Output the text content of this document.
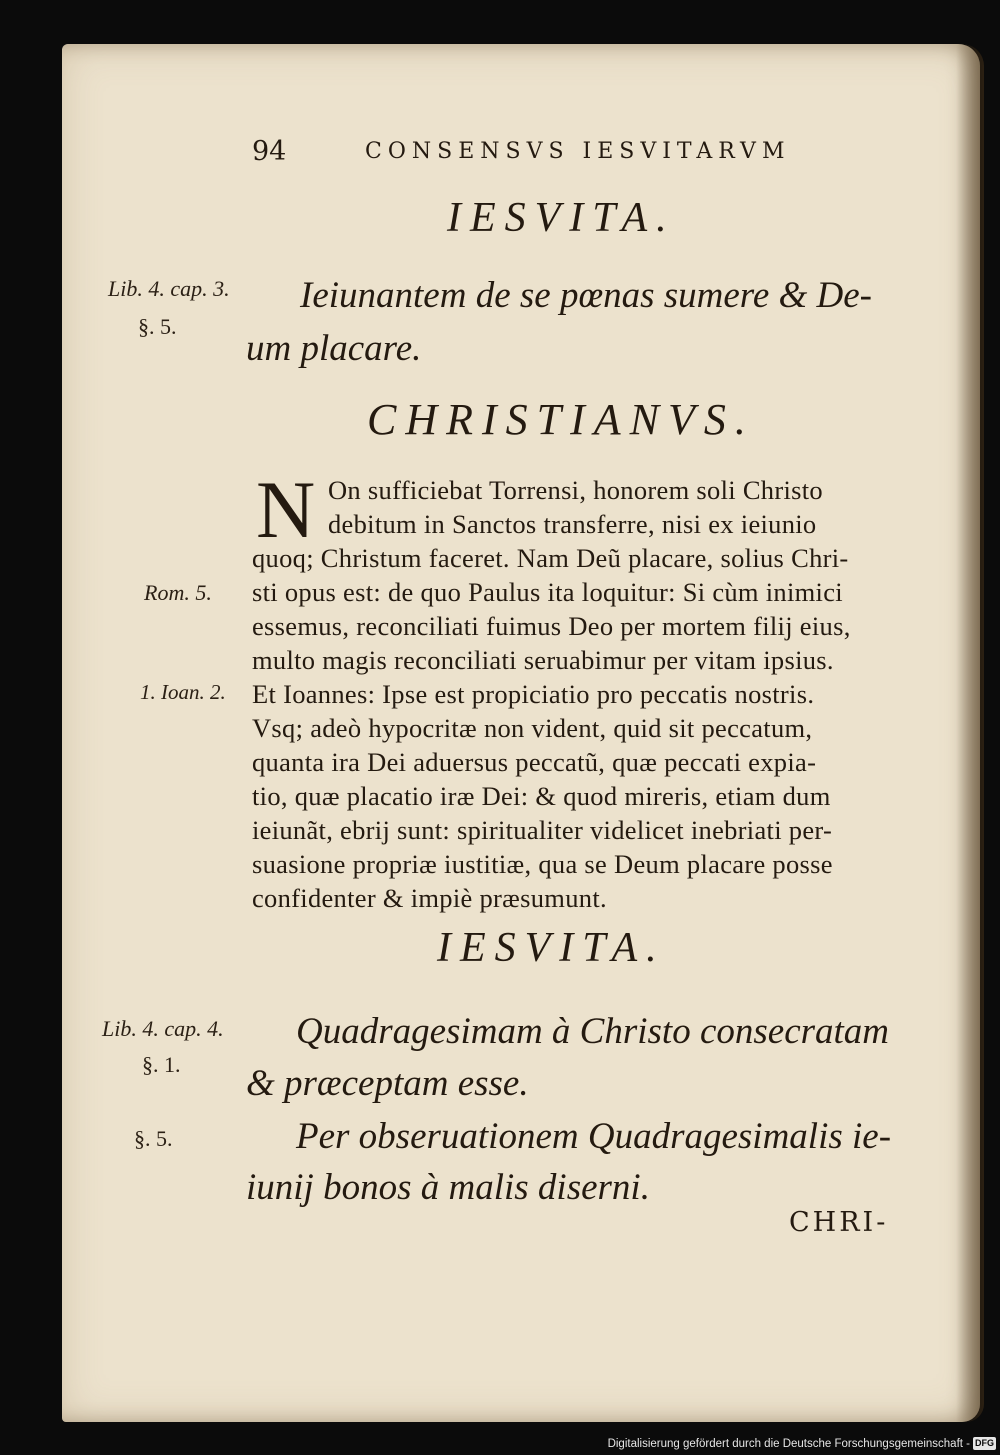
94	CONSENSVS IESVITARVM
IESVITA.
Lib. 4. cap. 3.
§. 5.
Ieiunantem de se pœnas sumere & De-
um placare.
CHRISTIANVS.
N On sufficiebat Torrensi, honorem soli Christo
debitum in Sanctos transferre, nisi ex ieiunio
quoq; Christum faceret. Nam Deũ placare, solius Chri-
sti opus est: de quo Paulus ita loquitur: Si cùm inimici
essemus, reconciliati fuimus Deo per mortem filij eius,
multo magis reconciliati seruabimur per vitam ipsius.
Et Ioannes: Ipse est propiciatio pro peccatis nostris.
Vsq; adeò hypocritæ non vident, quid sit peccatum,
quanta ira Dei aduersus peccatũ, quæ peccati expia-
tio, quæ placatio iræ Dei: & quod mireris, etiam dum
ieiunãt, ebrij sunt: spiritualiter videlicet inebriati per-
suasione propriæ iustitiæ, qua se Deum placare posse
confidenter & impiè præsumunt.
Rom. 5.
1. Ioan. 2.
IESVITA.
Lib. 4. cap. 4.
§. 1.
Quadragesimam à Christo consecratam
& præceptam esse.
§. 5.	Per obseruationem Quadragesimalis ie-
iunij bonos à malis diserni.
CHRI-
Digitalisierung gefördert durch die Deutsche Forschungsgemeinschaft - DFG
